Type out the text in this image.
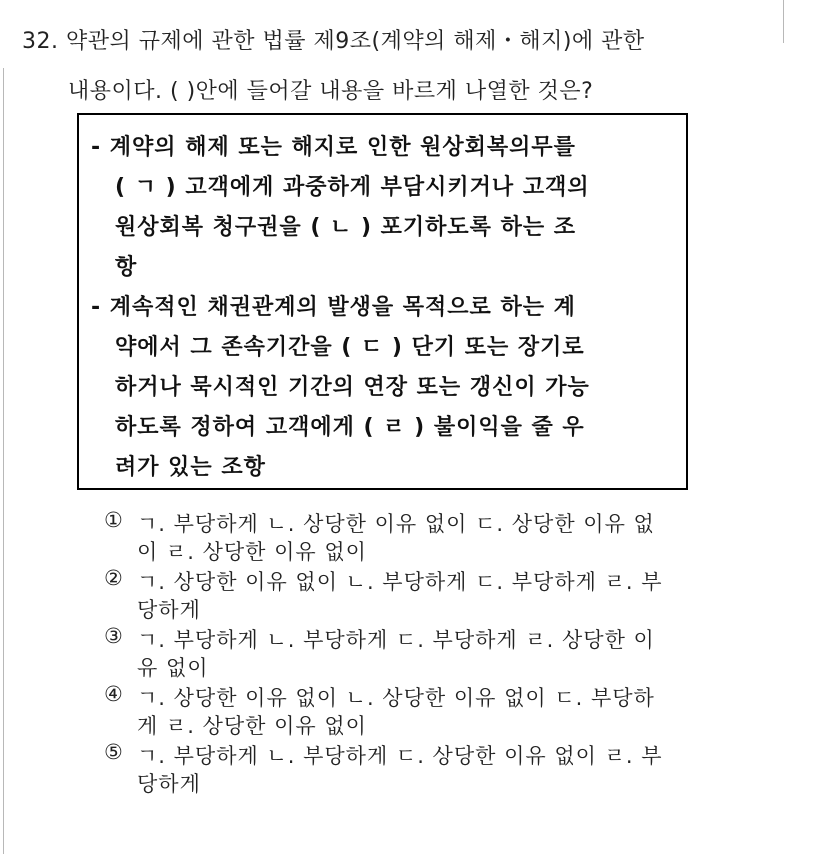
32. 약관의 규제에 관한 법률 제9조(계약의 해제・해지)에 관한
내용이다. ( )안에 들어갈 내용을 바르게 나열한 것은?
- 계약의 해제 또는 해지로 인한 원상회복의무를
( ㄱ ) 고객에게 과중하게 부담시키거나 고객의
원상회복 청구권을 ( ㄴ ) 포기하도록 하는 조
항
- 계속적인 채권관계의 발생을 목적으로 하는 계
약에서 그 존속기간을 ( ㄷ ) 단기 또는 장기로
하거나 묵시적인 기간의 연장 또는 갱신이 가능
하도록 정하여 고객에게 ( ㄹ ) 불이익을 줄 우
려가 있는 조항
① ㄱ. 부당하게 ㄴ. 상당한 이유 없이 ㄷ. 상당한 이유 없
이 ㄹ. 상당한 이유 없이
② ㄱ. 상당한 이유 없이 ㄴ. 부당하게 ㄷ. 부당하게 ㄹ. 부
당하게
③ ㄱ. 부당하게 ㄴ. 부당하게 ㄷ. 부당하게 ㄹ. 상당한 이
유 없이
④ ㄱ. 상당한 이유 없이 ㄴ. 상당한 이유 없이 ㄷ. 부당하
게 ㄹ. 상당한 이유 없이
⑤ ㄱ. 부당하게 ㄴ. 부당하게 ㄷ. 상당한 이유 없이 ㄹ. 부
당하게
